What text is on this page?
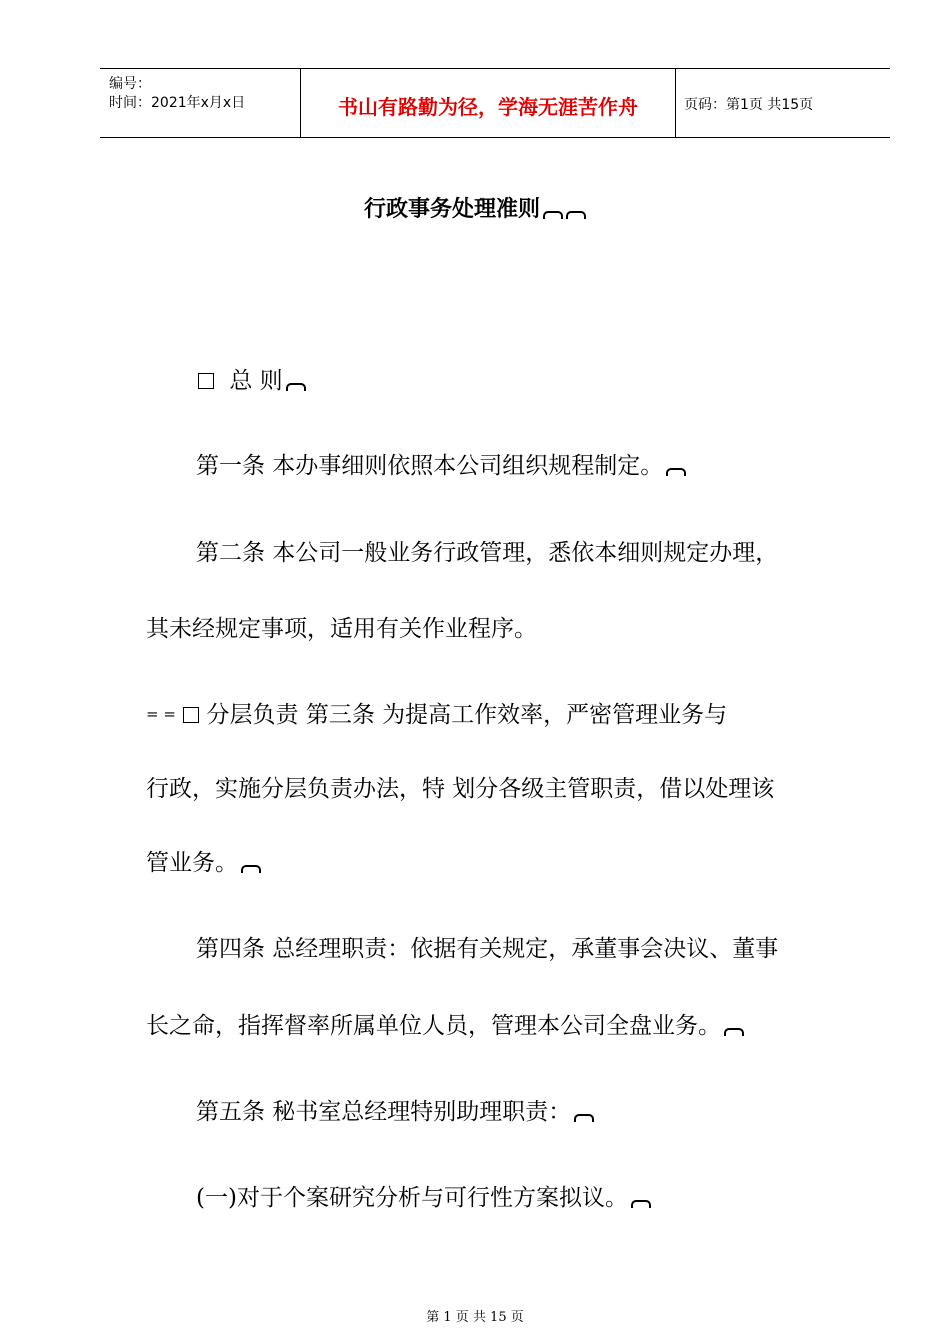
编号：
时间：2021年x月x日	书山有路勤为径，学海无涯苦作舟	页码：第1页 共15页
行政事务处理准则
总 则
第一条 本办事细则依照本公司组织规程制定。
第二条 本公司一般业务行政管理，悉依本细则规定办理，
其未经规定事项，适用有关作业程序。
= =  分层负责 第三条 为提高工作效率，严密管理业务与
行政，实施分层负责办法，特 划分各级主管职责，借以处理该
管业务。
第四条 总经理职责：依据有关规定，承董事会决议、董事
长之命，指挥督率所属单位人员，管理本公司全盘业务。
第五条 秘书室总经理特别助理职责：
(一)对于个案研究分析与可行性方案拟议。
第 1 页 共 15 页
